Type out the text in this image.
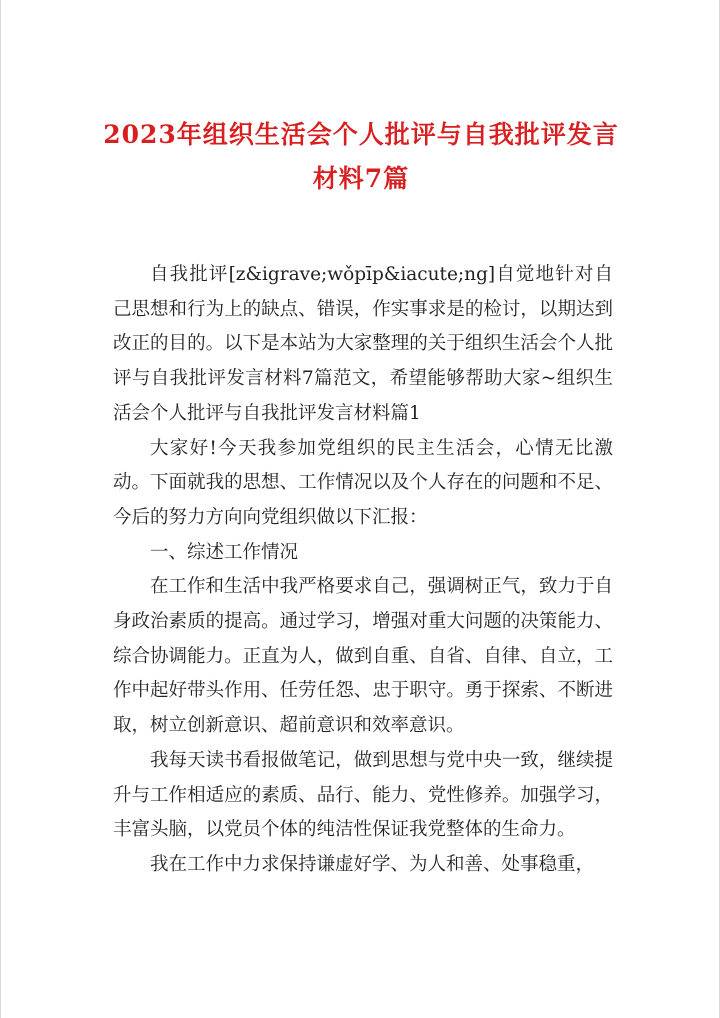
2023年组织生活会个人批评与自我批评发言材料7篇

自我批评[z&igrave;wǒpīp&iacute;ng]自觉地针对自己思想和行为上的缺点、错误，作实事求是的检讨，以期达到改正的目的。以下是本站为大家整理的关于组织生活会个人批评与自我批评发言材料7篇范文，希望能够帮助大家~组织生活会个人批评与自我批评发言材料篇1

大家好!今天我参加党组织的民主生活会，心情无比激动。下面就我的思想、工作情况以及个人存在的问题和不足、今后的努力方向向党组织做以下汇报：

一、综述工作情况

在工作和生活中我严格要求自己，强调树正气，致力于自身政治素质的提高。通过学习，增强对重大问题的决策能力、综合协调能力。正直为人，做到自重、自省、自律、自立，工作中起好带头作用、任劳任怨、忠于职守。勇于探索、不断进取，树立创新意识、超前意识和效率意识。

我每天读书看报做笔记，做到思想与党中央一致，继续提升与工作相适应的素质、品行、能力、党性修养。加强学习，丰富头脑，以党员个体的纯洁性保证我党整体的生命力。

我在工作中力求保持谦虚好学、为人和善、处事稳重，
